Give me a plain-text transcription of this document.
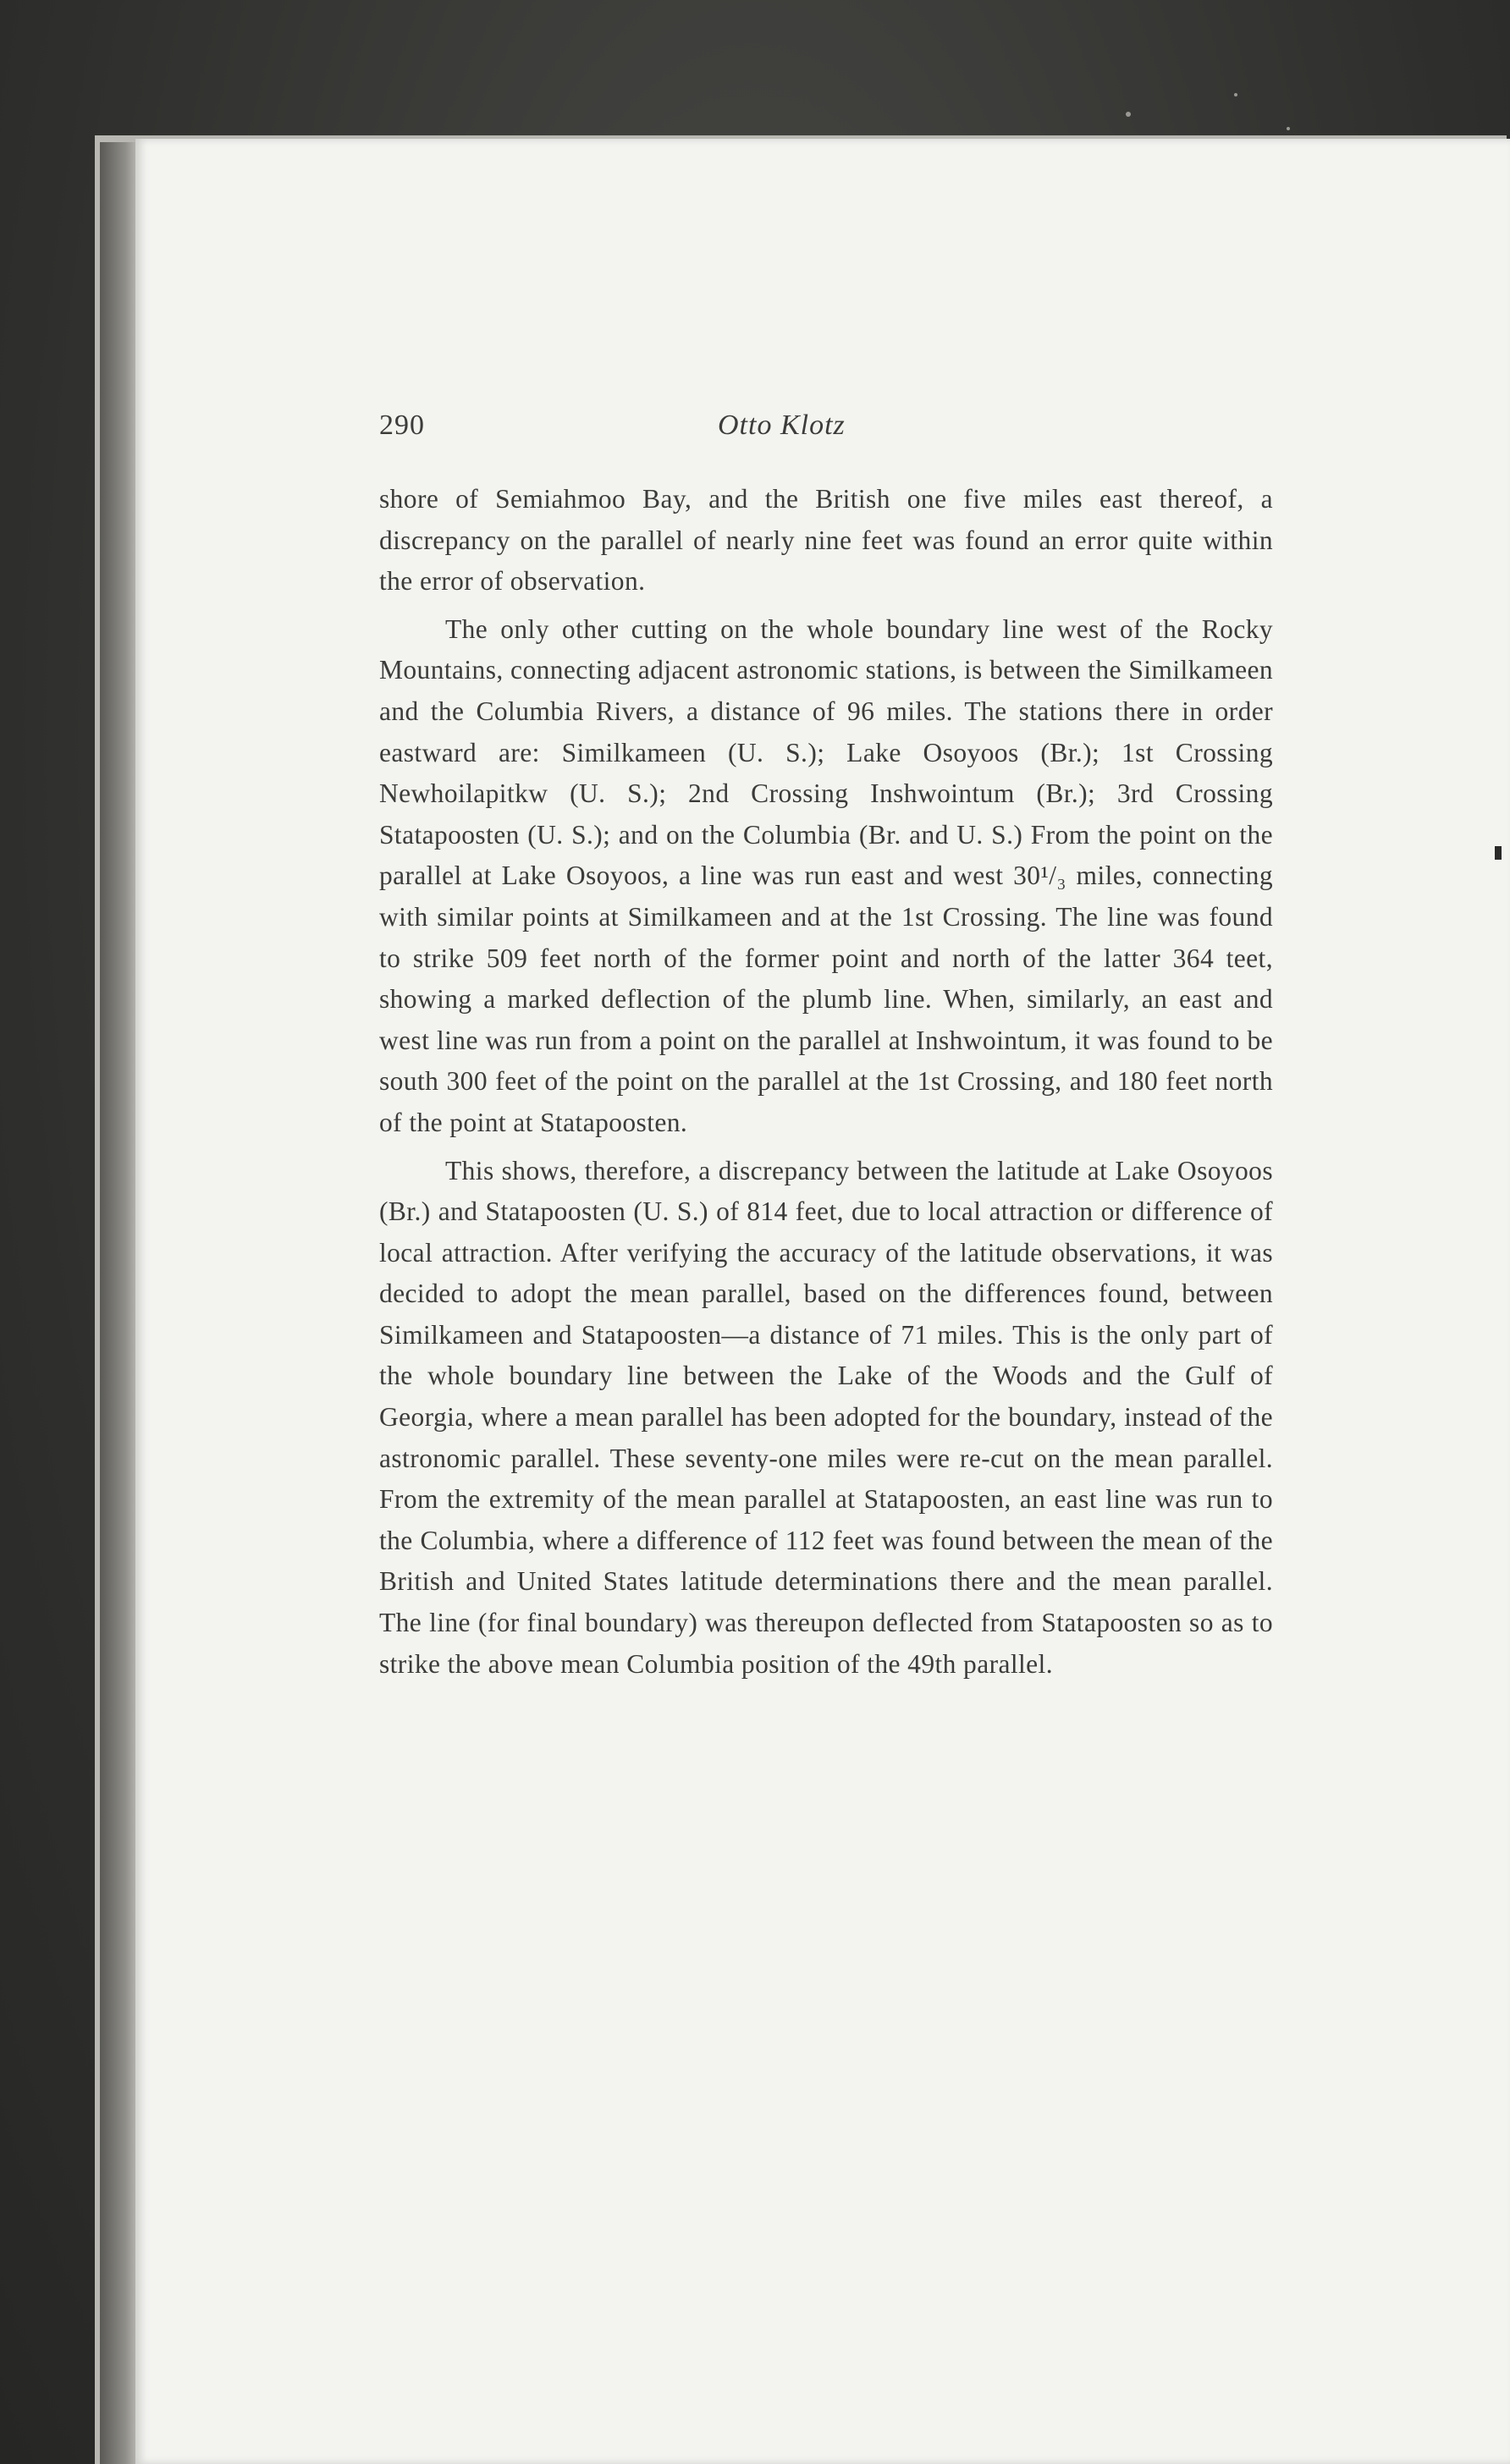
290	Otto Klotz

shore of Semiahmoo Bay, and the British one five miles east thereof, a discrepancy on the parallel of nearly nine feet was found an error quite within the error of observation.

The only other cutting on the whole boundary line west of the Rocky Mountains, connecting adjacent astronomic stations, is between the Similkameen and the Columbia Rivers, a distance of 96 miles. The stations there in order eastward are: Similkameen (U. S.); Lake Osoyoos (Br.); 1st Crossing Newhoilapitkw (U. S.); 2nd Crossing Inshwointum (Br.); 3rd Crossing Statapoosten (U. S.); and on the Columbia (Br. and U. S.) From the point on the parallel at Lake Osoyoos, a line was run east and west 30¹/₃ miles, connecting with similar points at Similkameen and at the 1st Crossing. The line was found to strike 509 feet north of the former point and north of the latter 364 teet, showing a marked deflection of the plumb line. When, similarly, an east and west line was run from a point on the parallel at Inshwointum, it was found to be south 300 feet of the point on the parallel at the 1st Crossing, and 180 feet north of the point at Statapoosten.

This shows, therefore, a discrepancy between the latitude at Lake Osoyoos (Br.) and Statapoosten (U. S.) of 814 feet, due to local attraction or difference of local attraction. After verifying the accuracy of the latitude observations, it was decided to adopt the mean parallel, based on the differences found, between Similkameen and Statapoosten—a distance of 71 miles. This is the only part of the whole boundary line between the Lake of the Woods and the Gulf of Georgia, where a mean parallel has been adopted for the boundary, instead of the astronomic parallel. These seventy-one miles were re-cut on the mean parallel. From the extremity of the mean parallel at Statapoosten, an east line was run to the Columbia, where a difference of 112 feet was found between the mean of the British and United States latitude determinations there and the mean parallel. The line (for final boundary) was thereupon deflected from Statapoosten so as to strike the above mean Columbia position of the 49th parallel.
